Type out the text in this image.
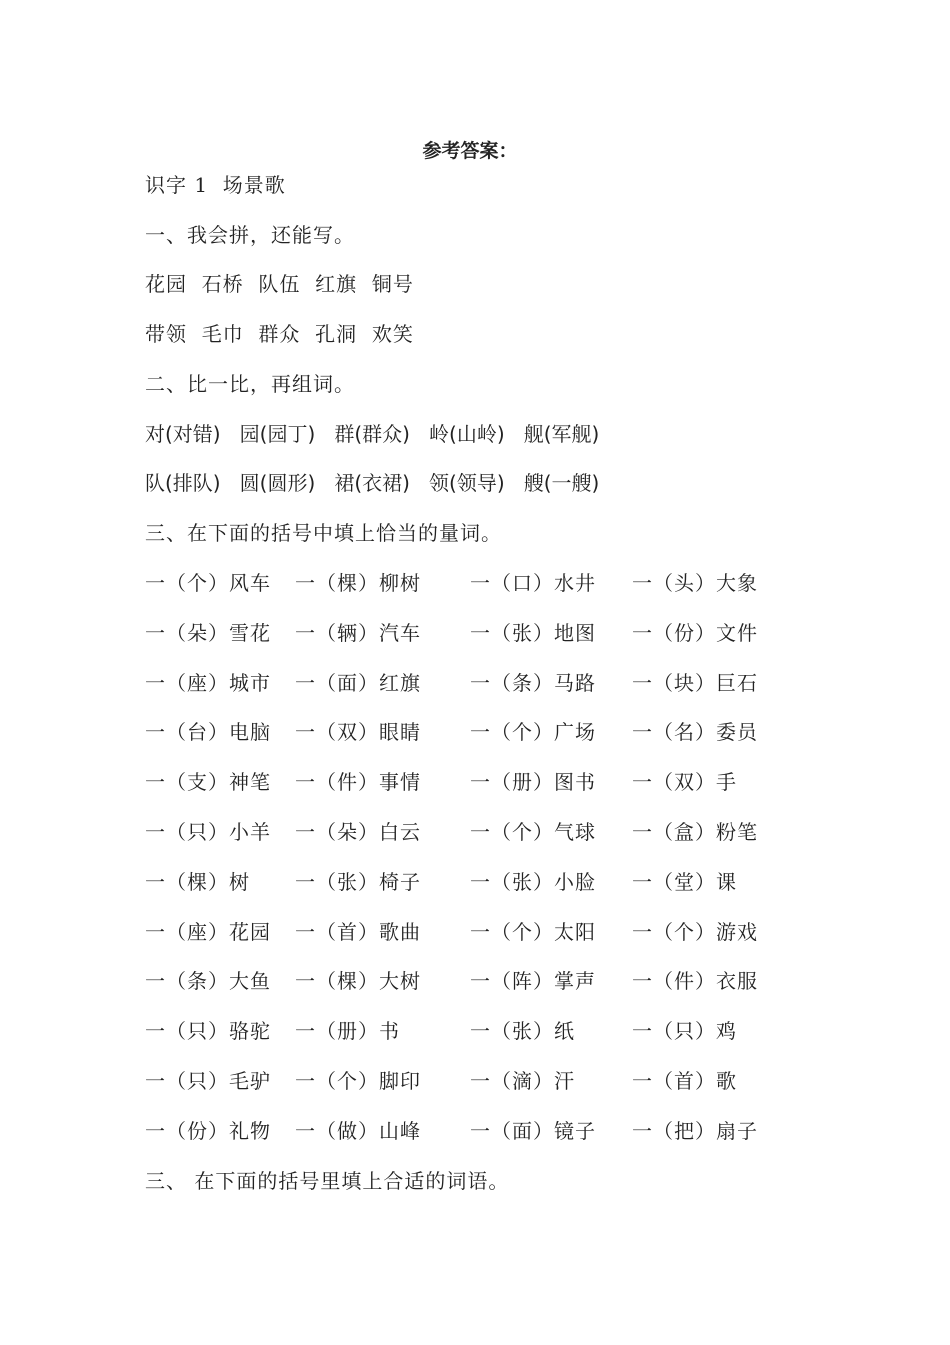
参考答案：
识字 1  场景歌
一、我会拼，还能写。
花园  石桥  队伍  红旗  铜号
带领  毛巾  群众  孔洞  欢笑
二、比一比，再组词。
对(对错)   园(园丁)   群(群众)   岭(山岭)   舰(军舰)
队(排队)   圆(圆形)   裙(衣裙)   领(领导)   艘(一艘)
三、在下面的括号中填上恰当的量词。
一（个）风车 一（棵）柳树 一（口）水井 一（头）大象
一（朵）雪花 一（辆）汽车 一（张）地图 一（份）文件
一（座）城市 一（面）红旗 一（条）马路 一（块）巨石
一（台）电脑 一（双）眼睛 一（个）广场 一（名）委员
一（支）神笔 一（件）事情 一（册）图书 一（双）手
一（只）小羊 一（朵）白云 一（个）气球 一（盒）粉笔
一（棵）树 一（张）椅子 一（张）小脸 一（堂）课
一（座）花园 一（首）歌曲 一（个）太阳 一（个）游戏
一（条）大鱼 一（棵）大树 一（阵）掌声 一（件）衣服
一（只）骆驼 一（册）书	一（张）纸	一（只）鸡
一（只）毛驴 一（个）脚印 一（滴）汗	一（首）歌
一（份）礼物 一（做）山峰 一（面）镜子 一（把）扇子
三、 在下面的括号里填上合适的词语。
